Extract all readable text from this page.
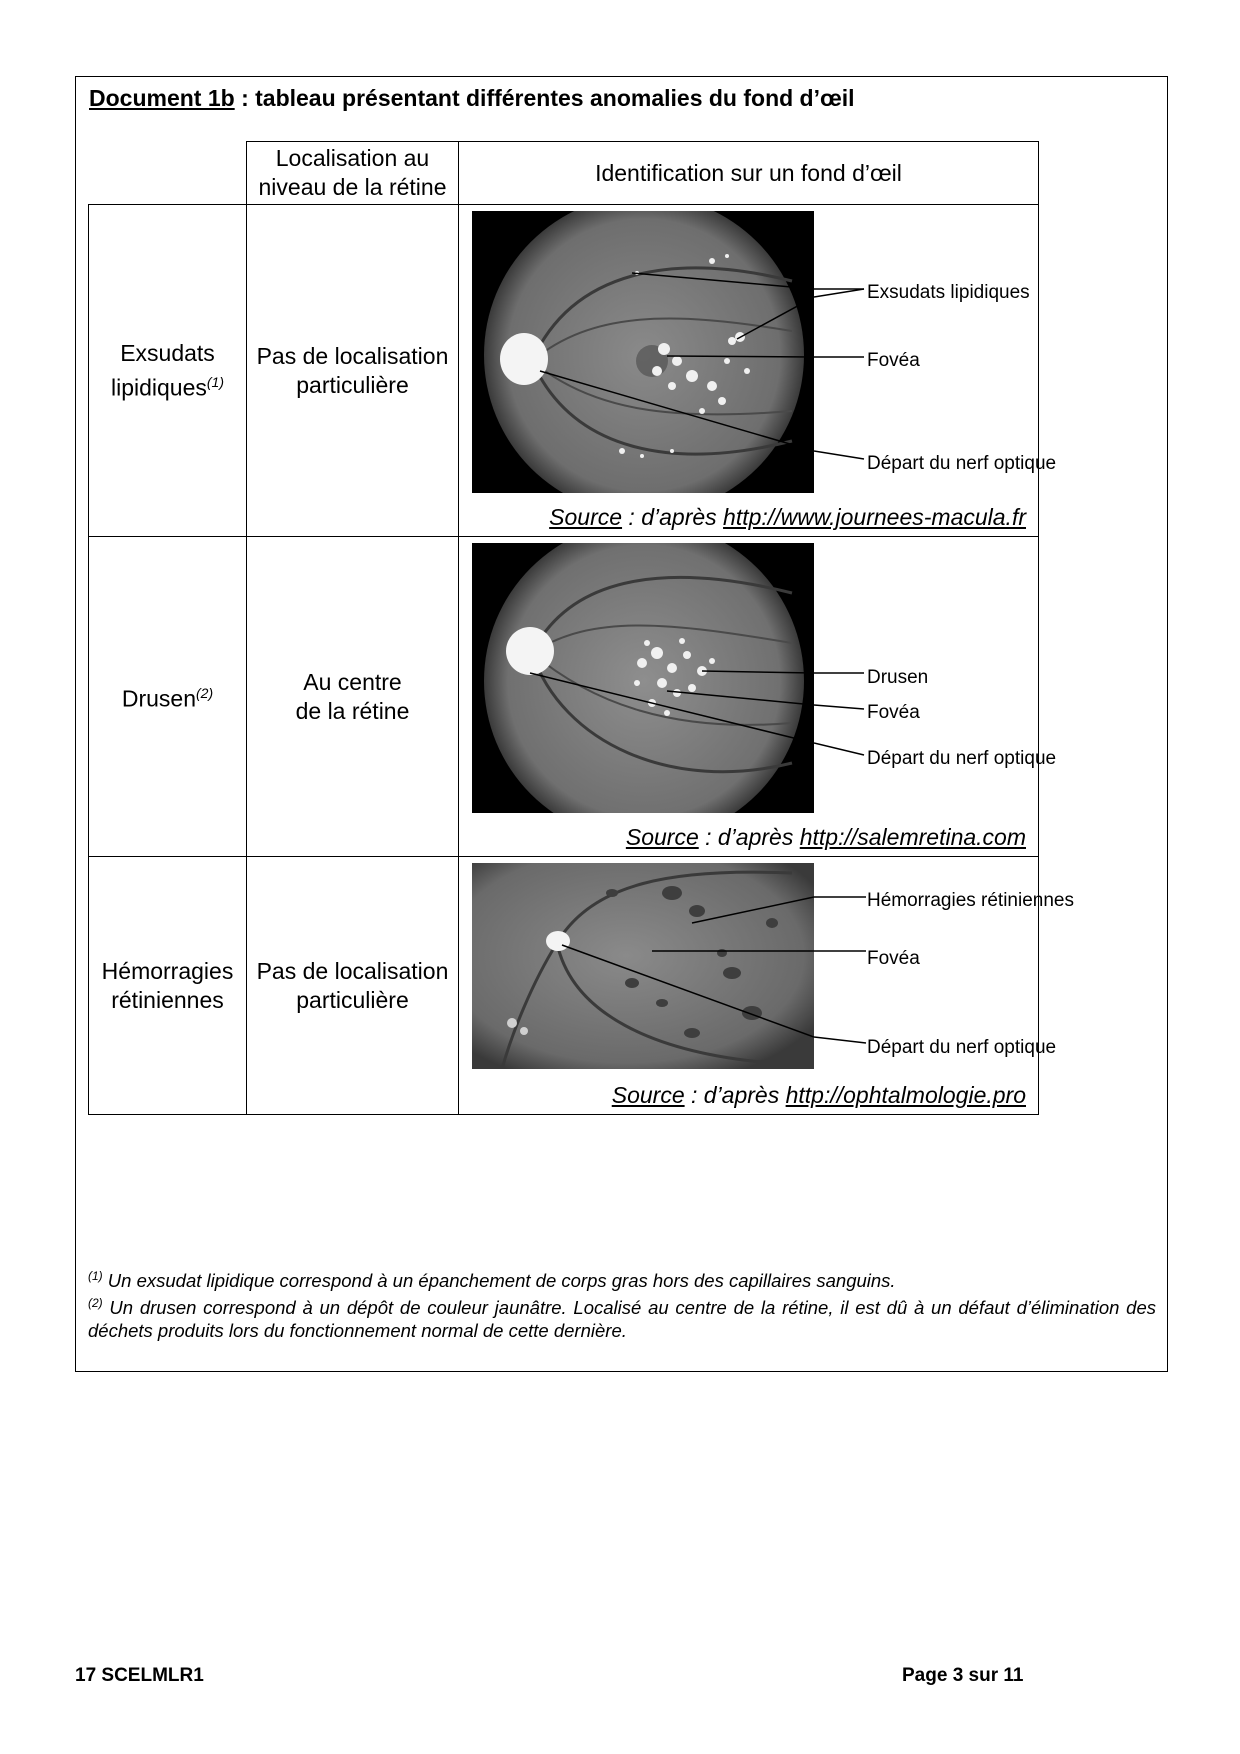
Document 1b : tableau présentant différentes anomalies du fond d’œil

	Localisation au niveau de la rétine	Identification sur un fond d’œil

Exsudats lipidiques$^{(1)}$	Pas de localisation particulière	Exsudats lipidiques
Fovéa
Départ du nerf optique
Source : d’après http://www.journees-macula.fr

Drusen$^{(2)}$	Au centre de la rétine	Drusen
Fovéa
Départ du nerf optique
Source : d’après http://salemretina.com

Hémorragies rétiniennes	Pas de localisation particulière	Hémorragies rétiniennes
Fovéa
Départ du nerf optique
Source : d’après http://ophtalmologie.pro

$^{(1)}$ Un exsudat lipidique correspond à un épanchement de corps gras hors des capillaires sanguins.

$^{(2)}$ Un drusen correspond à un dépôt de couleur jaunâtre. Localisé au centre de la rétine, il est dû à un défaut d’élimination des déchets produits lors du fonctionnement normal de cette dernière.

17 SCELMLR1	Page 3 sur 11
